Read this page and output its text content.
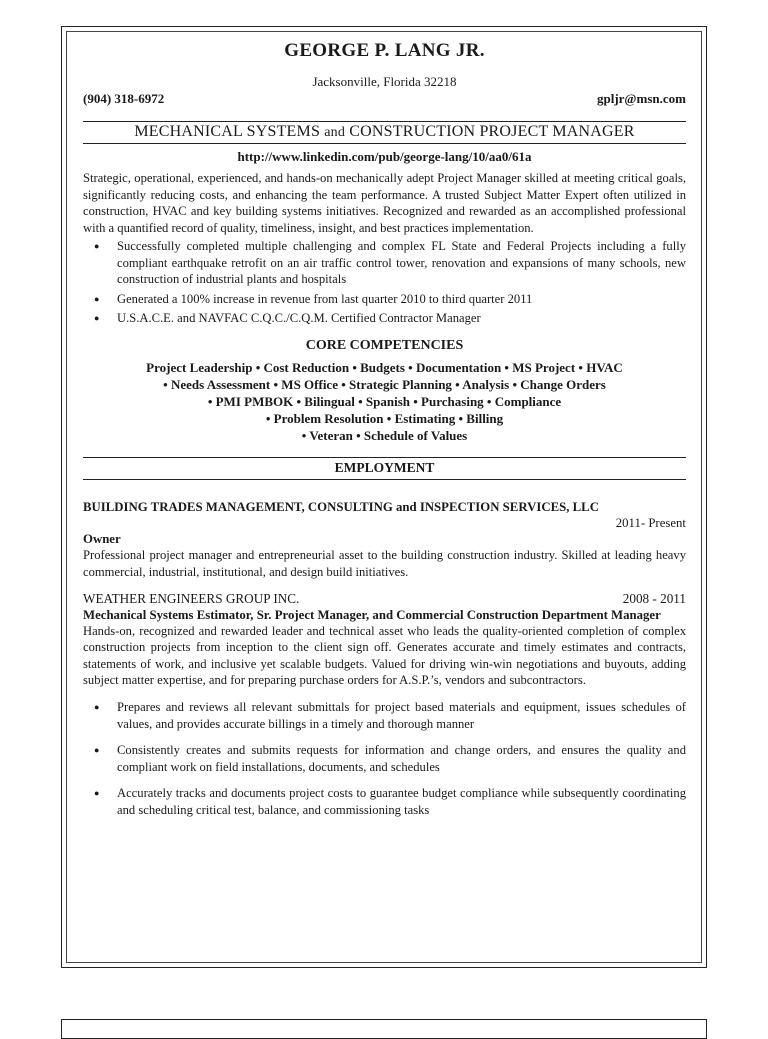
GEORGE P. LANG JR.
Jacksonville, Florida 32218
(904) 318-6972	gpljr@msn.com
MECHANICAL SYSTEMS and CONSTRUCTION PROJECT MANAGER
http://www.linkedin.com/pub/george-lang/10/aa0/61a
Strategic, operational, experienced, and hands-on mechanically adept Project Manager skilled at meeting critical goals, significantly reducing costs, and enhancing the team performance. A trusted Subject Matter Expert often utilized in construction, HVAC and key building systems initiatives. Recognized and rewarded as an accomplished professional with a quantified record of quality, timeliness, insight, and best practices implementation.
● Successfully completed multiple challenging and complex FL State and Federal Projects including a fully compliant earthquake retrofit on an air traffic control tower, renovation and expansions of many schools, new construction of industrial plants and hospitals
● Generated a 100% increase in revenue from last quarter 2010 to third quarter 2011
● U.S.A.C.E. and NAVFAC C.Q.C./C.Q.M. Certified Contractor Manager
CORE COMPETENCIES
Project Leadership • Cost Reduction • Budgets • Documentation • MS Project • HVAC
• Needs Assessment • MS Office • Strategic Planning • Analysis • Change Orders
• PMI PMBOK • Bilingual • Spanish • Purchasing • Compliance
• Problem Resolution • Estimating • Billing
• Veteran • Schedule of Values
EMPLOYMENT
BUILDING TRADES MANAGEMENT, CONSULTING and INSPECTION SERVICES, LLC
2011- Present
Owner
Professional project manager and entrepreneurial asset to the building construction industry. Skilled at leading heavy commercial, industrial, institutional, and design build initiatives.
WEATHER ENGINEERS GROUP INC.	2008 - 2011
Mechanical Systems Estimator, Sr. Project Manager, and Commercial Construction Department Manager
Hands-on, recognized and rewarded leader and technical asset who leads the quality-oriented completion of complex construction projects from inception to the client sign off. Generates accurate and timely estimates and contracts, statements of work, and inclusive yet scalable budgets. Valued for driving win-win negotiations and buyouts, adding subject matter expertise, and for preparing purchase orders for A.S.P.’s, vendors and subcontractors.
● Prepares and reviews all relevant submittals for project based materials and equipment, issues schedules of values, and provides accurate billings in a timely and thorough manner
● Consistently creates and submits requests for information and change orders, and ensures the quality and compliant work on field installations, documents, and schedules
● Accurately tracks and documents project costs to guarantee budget compliance while subsequently coordinating and scheduling critical test, balance, and commissioning tasks
